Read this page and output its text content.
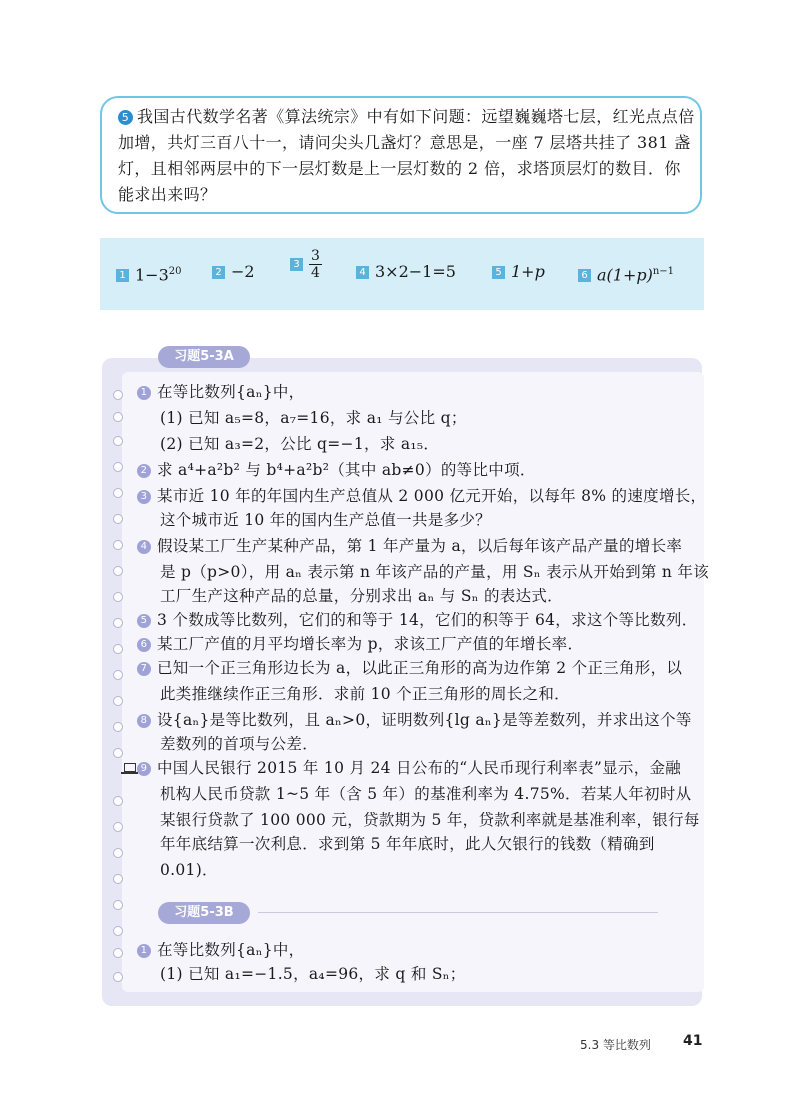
5 我国古代数学名著《算法统宗》中有如下问题：远望巍巍塔七层，红光点点倍
加增，共灯三百八十一，请问尖头几盏灯？意思是，一座 7 层塔共挂了 381 盏
灯，且相邻两层中的下一层灯数是上一层灯数的 2 倍，求塔顶层灯的数目．你
能求出来吗？
1 $1-3^{20}$	2 −2	$3 \frac{3}{4}$	4 3×2−1=5	5 1+p	6 $a(1+p)^{n-1}$
习题5-3A
1 在等比数列{aₙ}中，
(1) 已知 a₅=8，a₇=16，求 a₁ 与公比 q；
(2) 已知 a₃=2，公比 q=−1，求 a₁₅．
2 求 a⁴+a²b² 与 b⁴+a²b²（其中 ab≠0）的等比中项．
3 某市近 10 年的年国内生产总值从 2 000 亿元开始，以每年 8% 的速度增长，
这个城市近 10 年的国内生产总值一共是多少？
4 假设某工厂生产某种产品，第 1 年产量为 a，以后每年该产品产量的增长率
是 p（p>0），用 aₙ 表示第 n 年该产品的产量，用 Sₙ 表示从开始到第 n 年该
工厂生产这种产品的总量，分别求出 aₙ 与 Sₙ 的表达式．
5 3 个数成等比数列，它们的和等于 14，它们的积等于 64，求这个等比数列．
6 某工厂产值的月平均增长率为 p，求该工厂产值的年增长率．
7 已知一个正三角形边长为 a，以此正三角形的高为边作第 2 个正三角形，以
此类推继续作正三角形．求前 10 个正三角形的周长之和．
8 设{aₙ}是等比数列，且 aₙ>0，证明数列{lg aₙ}是等差数列，并求出这个等
差数列的首项与公差．
9 中国人民银行 2015 年 10 月 24 日公布的“人民币现行利率表”显示，金融
机构人民币贷款 1~5 年（含 5 年）的基准利率为 4.75%．若某人年初时从
某银行贷款了 100 000 元，贷款期为 5 年，贷款利率就是基准利率，银行每
年年底结算一次利息．求到第 5 年年底时，此人欠银行的钱数（精确到
0.01)．
习题5-3B
1 在等比数列{aₙ}中，
(1) 已知 a₁=−1.5，a₄=96，求 q 和 Sₙ；
5.3 等比数列 41
